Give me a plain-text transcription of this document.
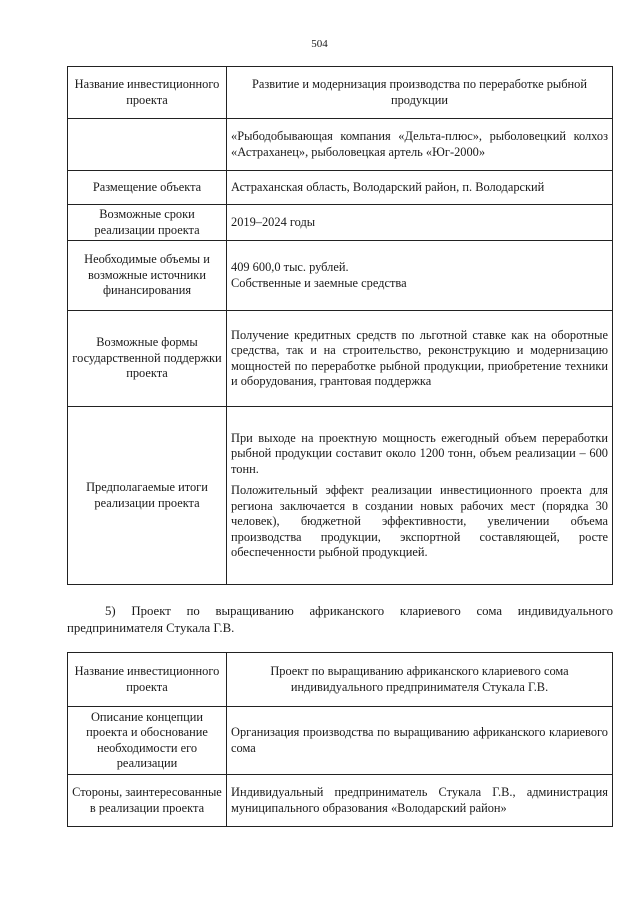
504
Название инвестиционного проекта	Развитие и модернизация производства по переработке рыбной продукции
	«Рыбодобывающая компания «Дельта-плюс», рыболовецкий колхоз «Астраханец», рыболовецкая артель «Юг-2000»
Размещение объекта	Астраханская область, Володарский район, п. Володарский
Возможные сроки реализации проекта	2019–2024 годы
Необходимые объемы и возможные источники финансирования	409 600,0 тыс. рублей.
Собственные и заемные средства

Возможные формы государственной поддержки проекта	Получение кредитных средств по льготной ставке как на оборотные средства, так и на строительство, реконструкцию и модернизацию мощностей по переработке рыбной продукции, приобретение техники и оборудования, грантовая поддержка
Предполагаемые итоги реализации проекта	При выходе на проектную мощность ежегодный объем переработки рыбной продукции составит около 1200 тонн, объем реализации – 600 тонн.

Положительный эффект реализации инвестиционного проекта для региона заключается в создании новых рабочих мест (порядка 30 человек), бюджетной эффективности, увеличении объема производства продукции, экспортной составляющей, росте обеспеченности рыбной продукцией.

5) Проект по выращиванию африканского клариевого сома индивидуального предпринимателя Стукала Г.В.
Название инвестиционного проекта	Проект по выращиванию африканского клариевого сома индивидуального предпринимателя Стукала Г.В.
Описание концепции проекта и обоснование необходимости его реализации	Организация производства по выращиванию африканского клариевого сома
Стороны, заинтересованные в реализации проекта	Индивидуальный предприниматель Стукала Г.В., администрация муниципального образования «Володарский район»
